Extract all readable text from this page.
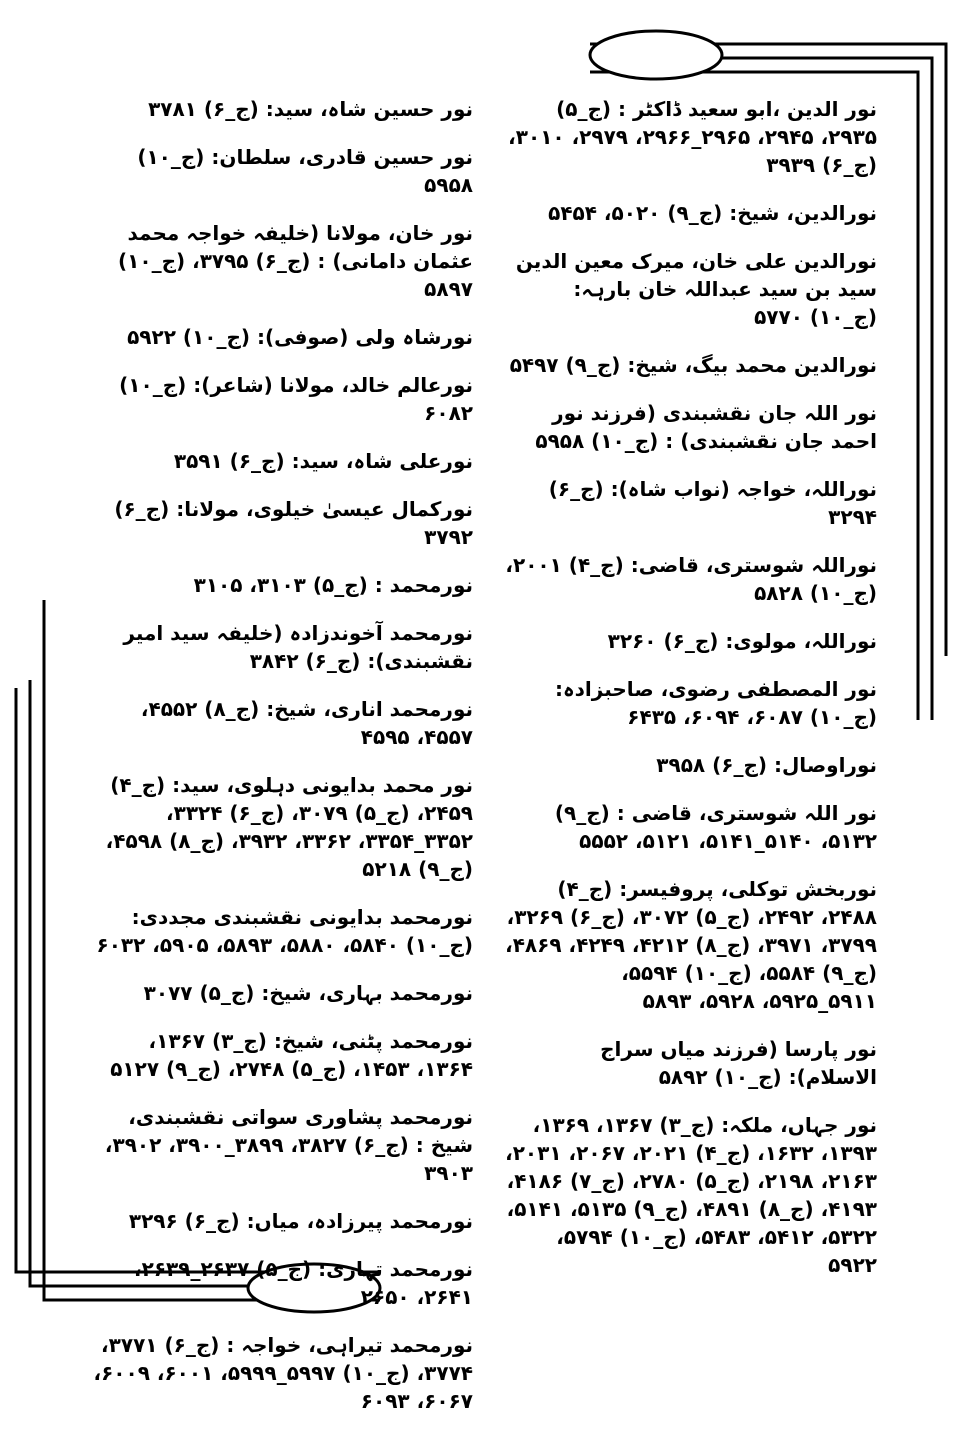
نور الدین ،ابو سعید ڈاکٹر : (ج_۵) ۲۹۳۵، ۲۹۴۵، ۲۹۶۵_۲۹۶۶، ۲۹۷۹، ۳۰۱۰، (ج_۶) ۳۹۳۹

نورالدین، شیخ: (ج_۹) ۵۰۲۰، ۵۴۵۴

نورالدین علی خان، میرک معین الدین سید بن سید عبداللہ خان بارہہ: (ج_۱۰) ۵۷۷۰

نورالدین محمد بیگ، شیخ: (ج_۹) ۵۴۹۷

نور اللہ جان نقشبندی (فرزند نور احمد جان نقشبندی) : (ج_۱۰) ۵۹۵۸

نوراللہ، خواجہ (نواب شاہ): (ج_۶) ۳۲۹۴

نوراللہ شوستری، قاضی: (ج_۴) ۲۰۰۱، (ج_۱۰) ۵۸۲۸

نوراللہ، مولوی: (ج_۶) ۳۲۶۰

نور المصطفی رضوی، صاحبزادہ: (ج_۱۰) ۶۰۸۷، ۶۰۹۴، ۶۴۳۵

نوراوصال: (ج_۶) ۳۹۵۸

نور اللہ شوستری، قاضی : (ج_۹) ۵۱۳۲، ۵۱۴۰_۵۱۴۱، ۵۱۲۱، ۵۵۵۲

نوربخش توکلی، پروفیسر: (ج_۴) ۲۴۸۸، ۲۴۹۲، (ج_۵) ۳۰۷۲، (ج_۶) ۳۲۶۹، ۳۷۹۹، ۳۹۷۱، (ج_۸) ۴۲۱۲، ۴۲۴۹، ۴۸۶۹، (ج_۹) ۵۵۸۴، (ج_۱۰) ۵۵۹۴، ۵۹۱۱_۵۹۲۵، ۵۹۲۸، ۵۸۹۳

نور پارسا (فرزند میاں سراج الاسلام): (ج_۱۰) ۵۸۹۲

نور جہاں، ملکہ: (ج_۳) ۱۳۶۷، ۱۳۶۹، ۱۳۹۳، ۱۶۳۲، (ج_۴) ۲۰۲۱، ۲۰۶۷، ۲۰۳۱، ۲۱۶۳، ۲۱۹۸، (ج_۵) ۲۷۸۰، (ج_۷) ۴۱۸۶، ۴۱۹۳، (ج_۸) ۴۸۹۱، (ج_۹) ۵۱۳۵، ۵۱۴۱، ۵۳۲۲، ۵۴۱۲، ۵۴۸۳، (ج_۱۰) ۵۷۹۴، ۵۹۲۲

نور حسین شاہ، سید: (ج_۶) ۳۷۸۱

نور حسین قادری، سلطان: (ج_۱۰) ۵۹۵۸

نور خان، مولانا (خلیفہ خواجہ محمد عثمان دامانی) : (ج_۶) ۳۷۹۵، (ج_۱۰) ۵۸۹۷

نورشاہ ولی (صوفی): (ج_۱۰) ۵۹۲۲

نورعالم خالد، مولانا (شاعر): (ج_۱۰) ۶۰۸۲

نورعلی شاہ، سید: (ج_۶) ۳۵۹۱

نورکمال عیسیٰ خیلوی، مولانا: (ج_۶) ۳۷۹۲

نورمحمد : (ج_۵) ۳۱۰۳، ۳۱۰۵

نورمحمد آخوندزادہ (خلیفہ سید امیر نقشبندی): (ج_۶) ۳۸۴۲

نورمحمد اناری، شیخ: (ج_۸) ۴۵۵۲، ۴۵۵۷، ۴۵۹۵

نور محمد بدایونی دہلوی، سید: (ج_۴) ۲۴۵۹، (ج_۵) ۳۰۷۹، (ج_۶) ۳۳۲۴، ۳۳۵۲_۳۳۵۴، ۳۳۶۲، ۳۹۳۲، (ج_۸) ۴۵۹۸، (ج_۹) ۵۲۱۸

نورمحمد بدایونی نقشبندی مجددی: (ج_۱۰) ۵۸۴۰، ۵۸۸۰، ۵۸۹۳، ۵۹۰۵، ۶۰۳۲

نورمحمد بہاری، شیخ: (ج_۵) ۳۰۷۷

نورمحمد پٹنی، شیخ: (ج_۳) ۱۳۶۷، ۱۳۶۴، ۱۴۵۳، (ج_۵) ۲۷۴۸، (ج_۹) ۵۱۲۷

نورمحمد پشاوری سواتی نقشبندی، شیخ : (ج_۶) ۳۸۲۷، ۳۸۹۹_۳۹۰۰، ۳۹۰۲، ۳۹۰۳

نورمحمد پیرزادہ، میاں: (ج_۶) ۳۲۹۶

نورمحمد تہاری: (ج_۵) ۲۶۳۷_۲۶۳۹، ۲۶۴۱، ۲۶۵۰

نورمحمد تیراہی، خواجہ : (ج_۶) ۳۷۷۱، ۳۷۷۴، (ج_۱۰) ۵۹۹۷_۵۹۹۹، ۶۰۰۱، ۶۰۰۹، ۶۰۶۷، ۶۰۹۳
